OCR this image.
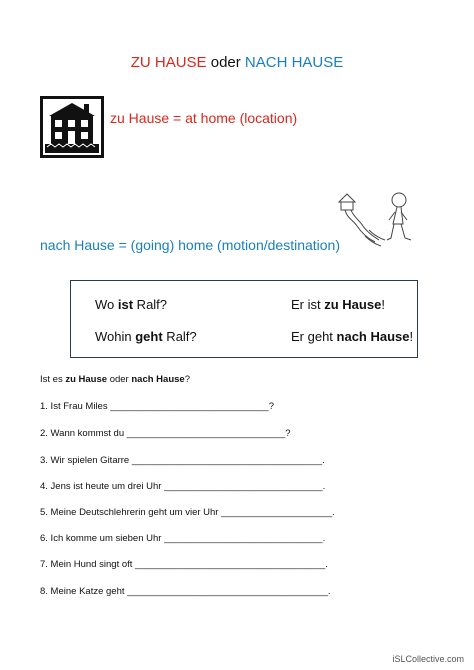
ZU HAUSE oder NACH HAUSE
zu Hause = at home (location)
nach Hause = (going) home (motion/destination)
Wo ist Ralf?	Er ist zu Hause!
Wohin geht Ralf?	Er geht nach Hause!
Ist es zu Hause oder nach Hause?
1. Ist Frau Miles ______________________________?
2. Wann kommst du ______________________________?
3. Wir spielen Gitarre ____________________________________.
4. Jens ist heute um drei Uhr ______________________________.
5. Meine Deutschlehrerin geht um vier Uhr _____________________.
6. Ich komme um sieben Uhr ______________________________.
7. Mein Hund singt oft ____________________________________.
8. Meine Katze geht ______________________________________.
iSLCollective.com
